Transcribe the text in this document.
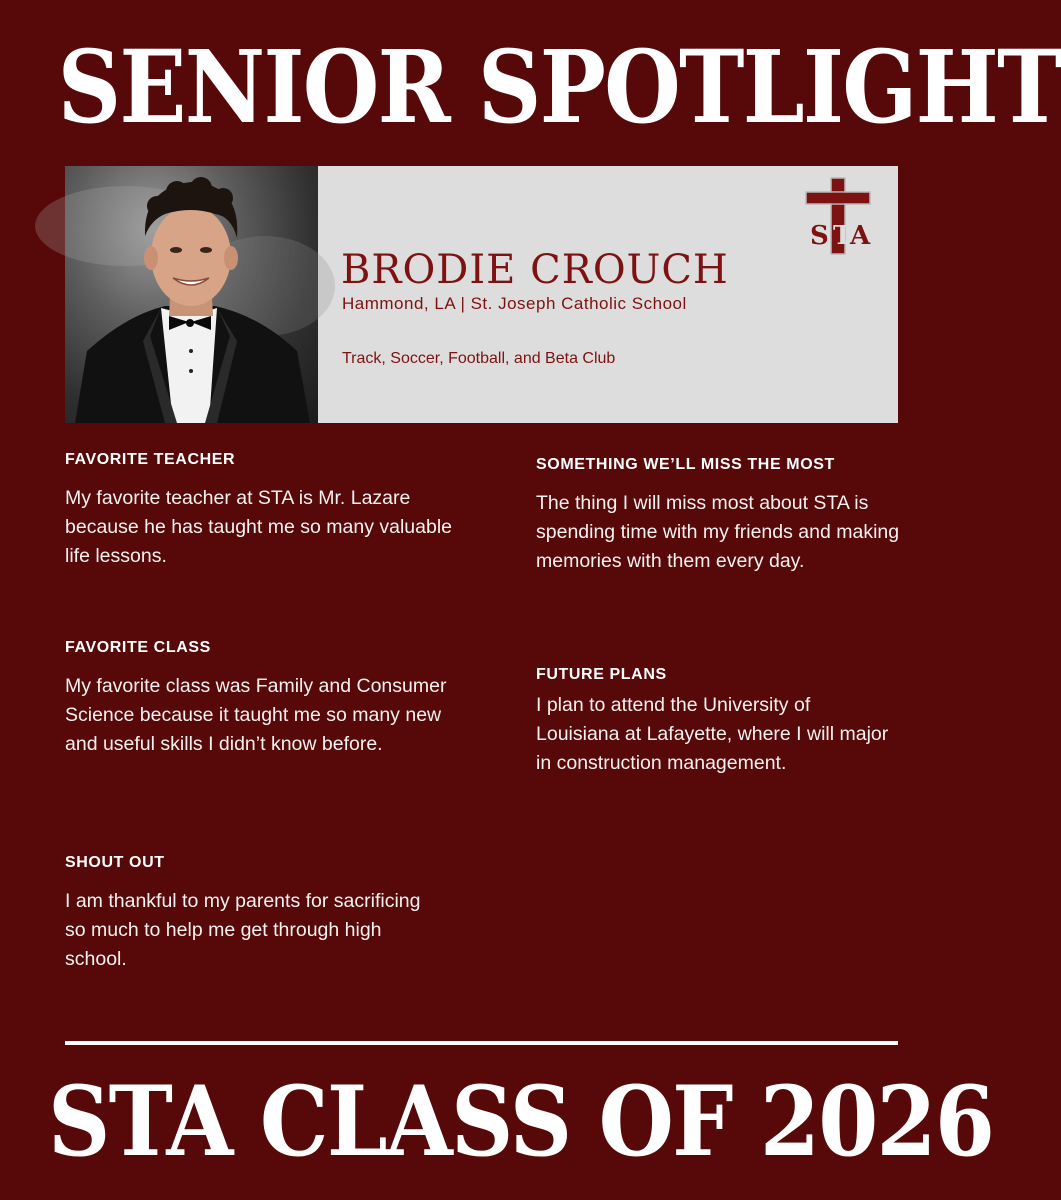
SENIOR SPOTLIGHT
BRODIE CROUCH
Hammond, LA | St. Joseph Catholic School
Track, Soccer, Football, and Beta Club
S T
A
FAVORITE TEACHER

My favorite teacher at STA is Mr. Lazare because he has taught me so many valuable life lessons.

SOMETHING WE’LL MISS THE MOST

The thing I will miss most about STA is spending time with my friends and making memories with them every day.

FAVORITE CLASS

My favorite class was Family and Consumer Science because it taught me so many new and useful skills I didn’t know before.

FUTURE PLANS

I plan to attend the University of Louisiana at Lafayette, where I will major in construction management.

SHOUT OUT

I am thankful to my parents for sacrificing so much to help me get through high school.

STA CLASS OF 2026
